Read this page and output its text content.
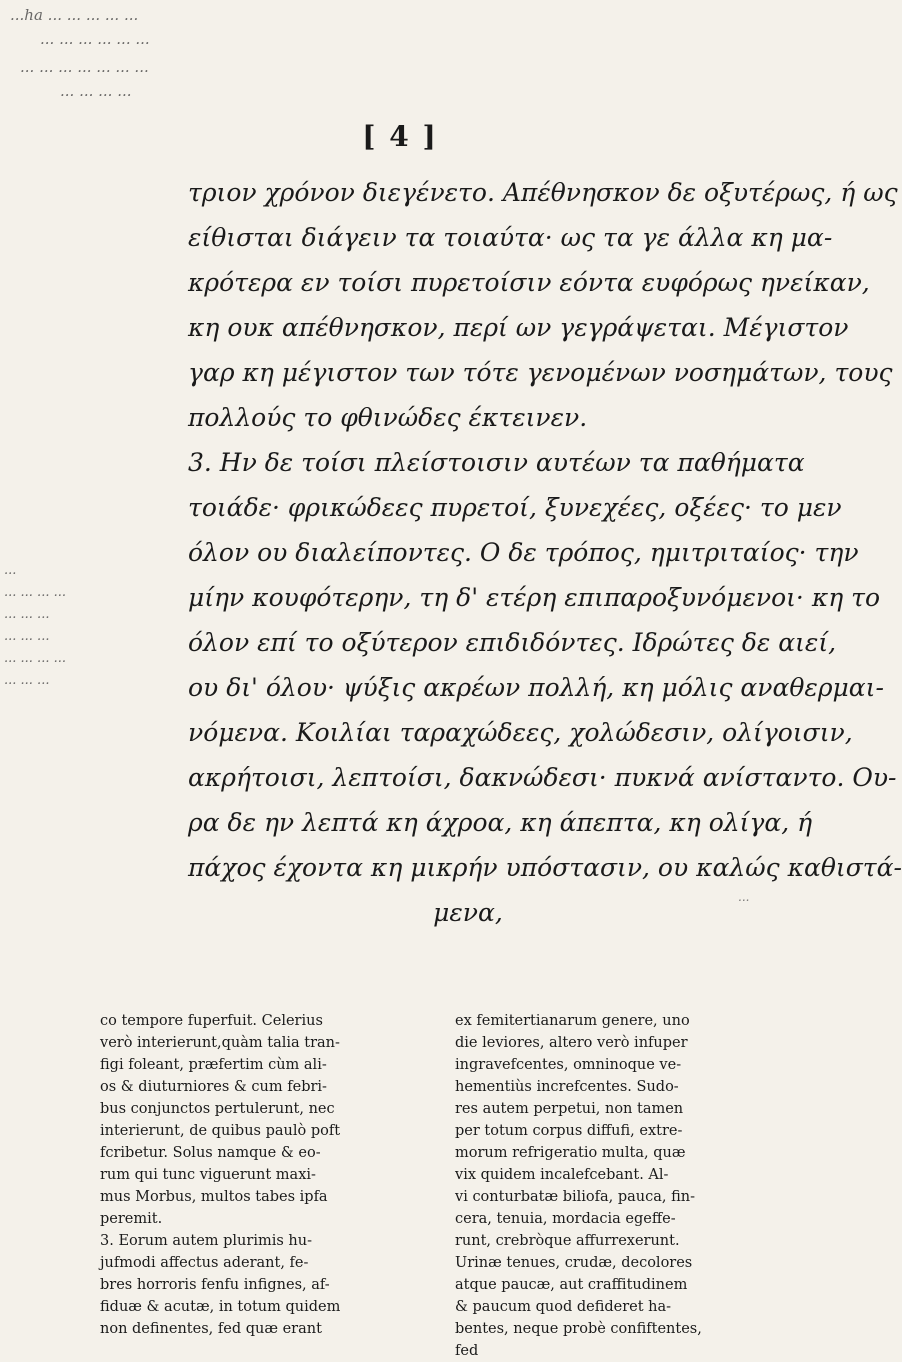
...ha ... ... ... ... ...
... ... ... ... ... ...
... ... ... ... ... ... ...
... ... ... ...
[ 4 ]
τριον χρόνον διεγένετο. Απέθνησκον δε οξυτέρως, ή ως
είθισται διάγειν τα τοιαύτα· ως τα γε άλλα κη μα-
κρότερα εν τοίσι πυρετοίσιν εόντα ευφόρως ηνείκαν,
κη ουκ απέθνησκον, περί ων γεγράψεται. Μέγιστον
γαρ κη μέγιστον των τότε γενομένων νοσημάτων, τους
πολλούς το φθινώδες έκτεινεν.
3. Ην δε τοίσι πλείστοισιν αυτέων τα παθήματα
τοιάδε· φρικώδεες πυρετοί, ξυνεχέες, οξέες· το μεν
όλον ου διαλείποντες. Ο δε τρόπος, ημιτριταίος· την
μίην κουφότερην, τη δ' ετέρη επιπαροξυνόμενοι· κη το
όλον επί το οξύτερον επιδιδόντες. Ιδρώτες δε αιεί,
ου δι' όλου· ψύξις ακρέων πολλή, κη μόλις αναθερμαι-
νόμενα. Κοιλίαι ταραχώδεες, χολώδεσιν, ολίγοισιν,
ακρήτοισι, λεπτοίσι, δακνώδεσι· πυκνά ανίσταντο. Ου-
ρα δε ην λεπτά κη άχροα, κη άπεπτα, κη ολίγα, ή
πάχος έχοντα κη μικρήν υπόστασιν, ου καλώς καθιστά-
μενα,
...
... ... ... ...
... ... ...
... ... ...
... ... ... ...
... ... ...
...
co tempore fuperfuit. Celerius
verò interierunt,quàm talia tran-
figi foleant, præfertim cùm ali-
os & diuturniores & cum febri-
bus conjunctos pertulerunt, nec
interierunt, de quibus paulò poft
fcribetur. Solus namque & eo-
rum qui tunc viguerunt maxi-
mus Morbus, multos tabes ipfa
peremit.
3. Eorum autem plurimis hu-
jufmodi affectus aderant, fe-
bres horroris fenfu infignes, af-
fiduæ & acutæ, in totum quidem
non definentes, fed quæ erant
ex femitertianarum genere, uno
die leviores, altero verò infuper
ingravefcentes, omninoque ve-
hementiùs increfcentes. Sudo-
res autem perpetui, non tamen
per totum corpus diffufi, extre-
morum refrigeratio multa, quæ
vix quidem incalefcebant. Al-
vi conturbatæ biliofa, pauca, fin-
cera, tenuia, mordacia egeffe-
runt, crebròque affurrexerunt.
Urinæ tenues, crudæ, decolores
atque paucæ, aut craffitudinem
& paucum quod defideret ha-
bentes, neque probè confiftentes,
fed
